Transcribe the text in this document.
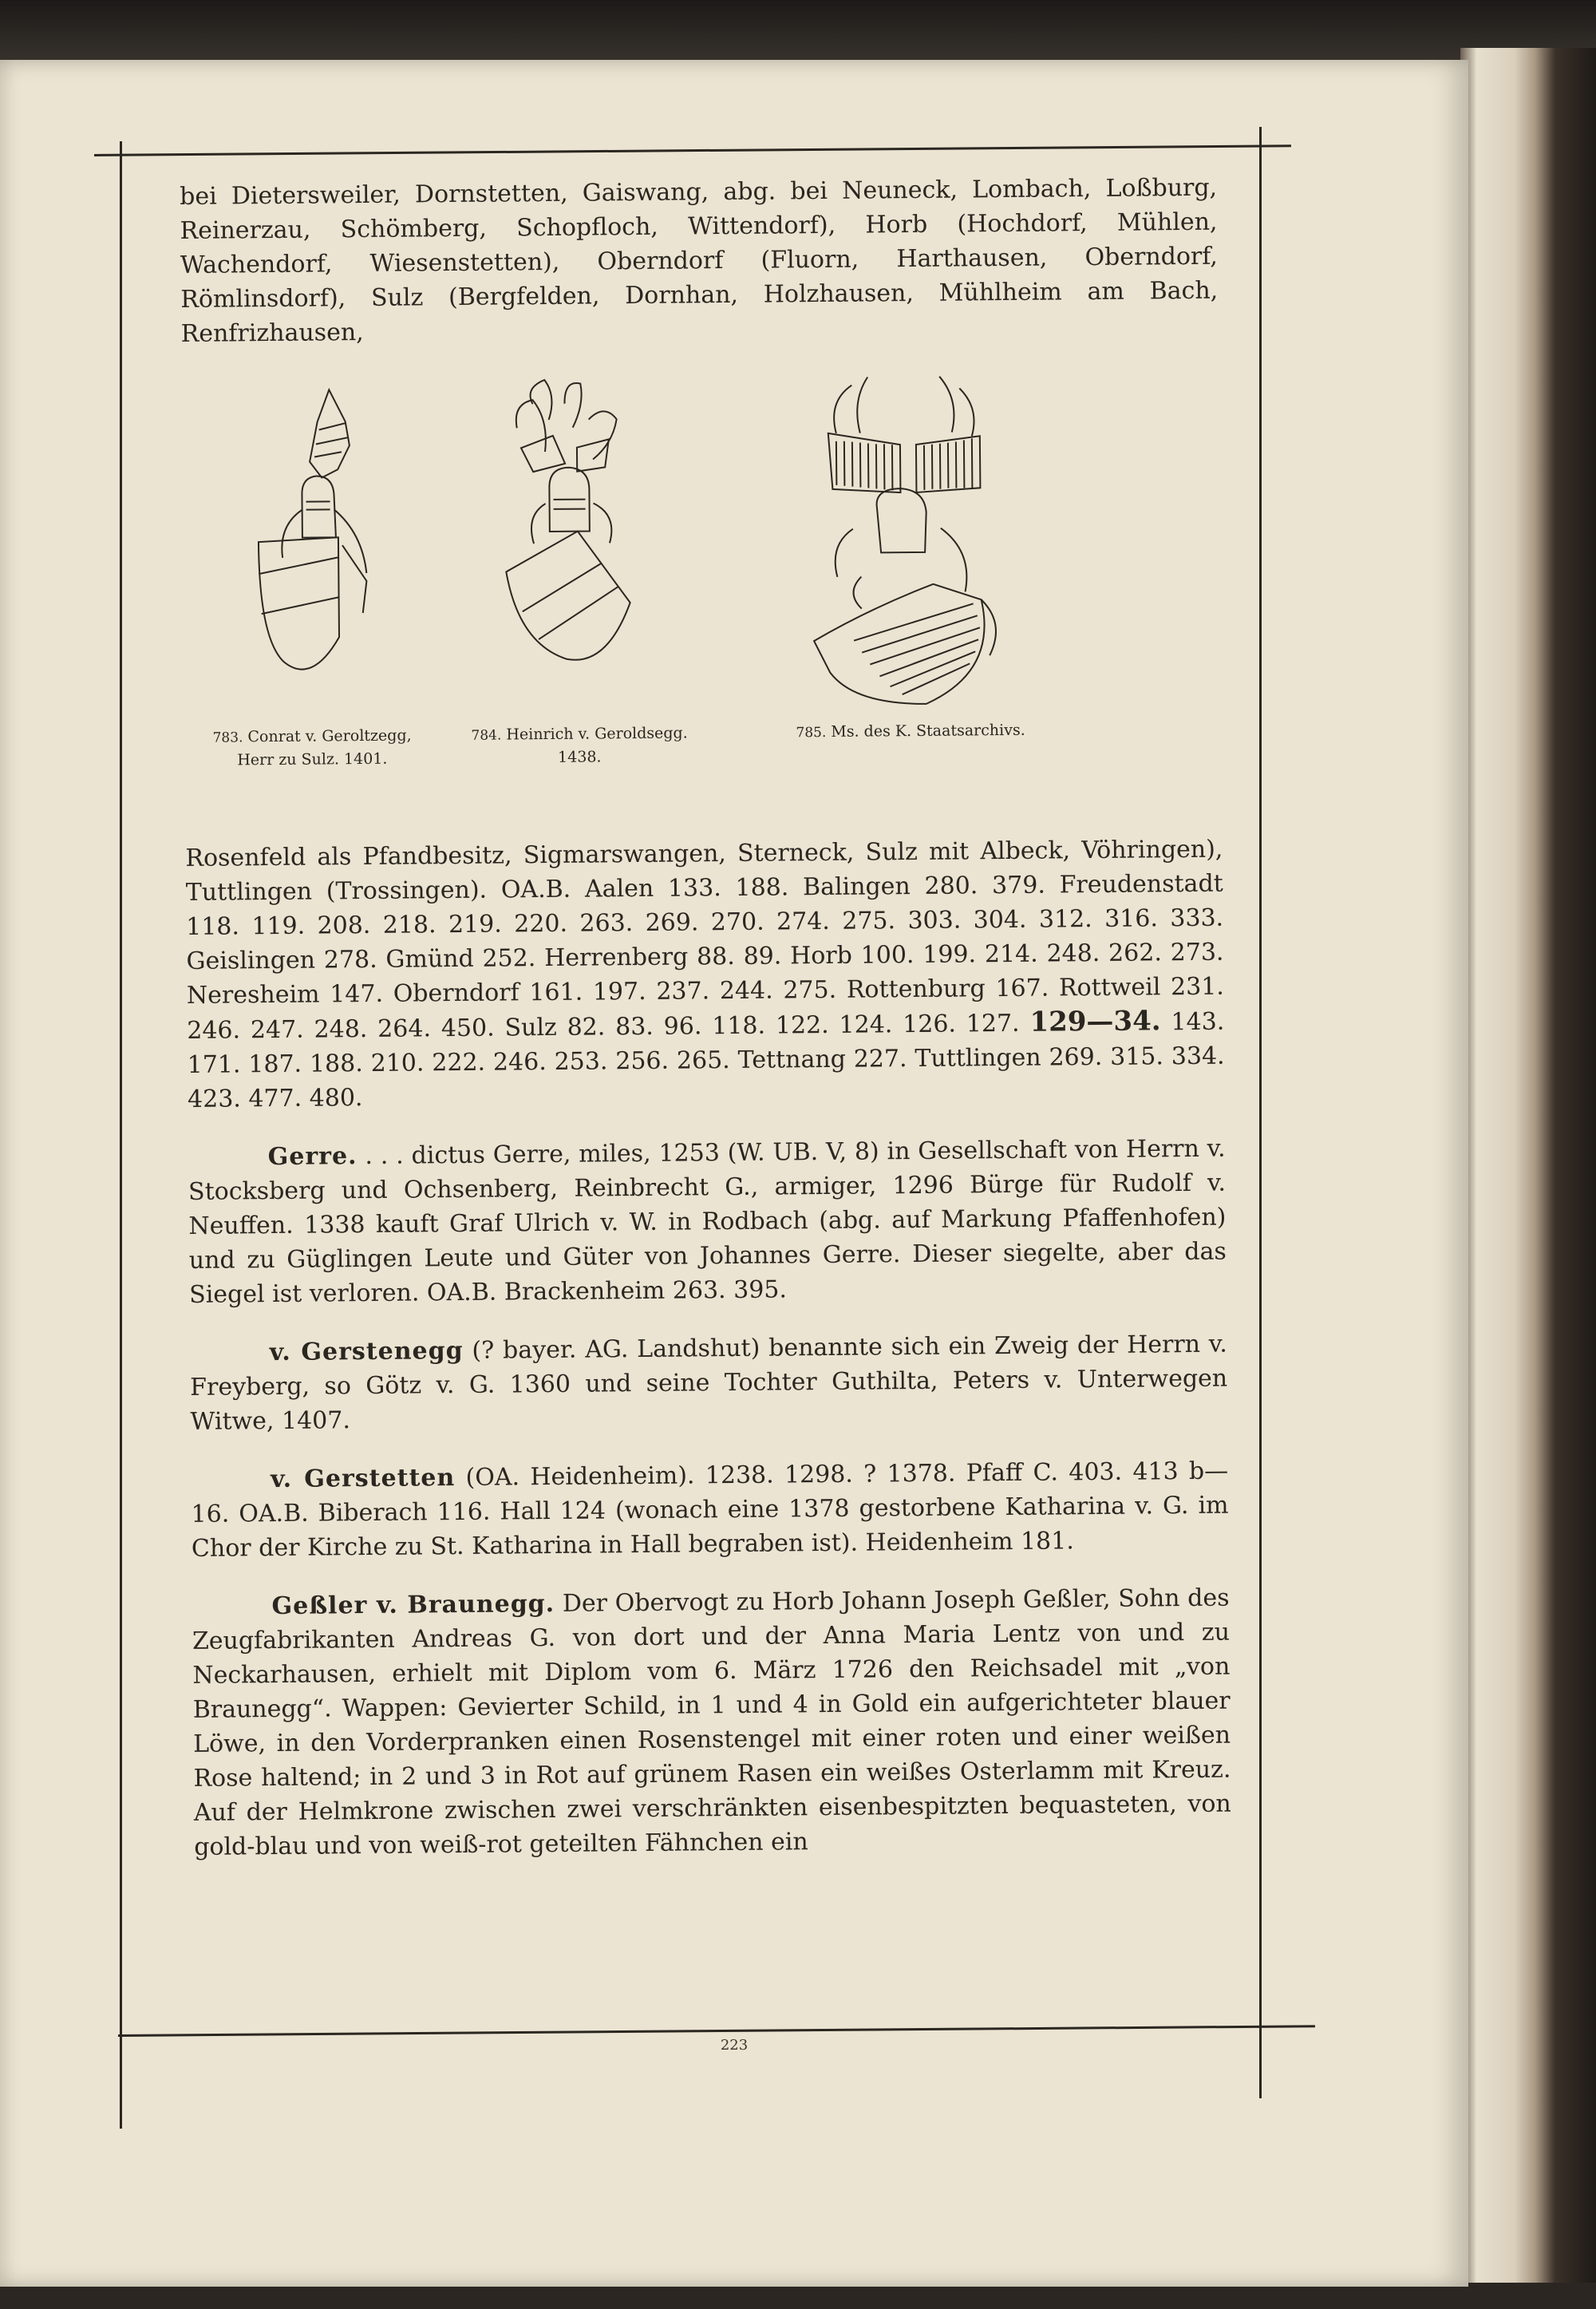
bei Dietersweiler, Dornstetten, Gaiswang, abg. bei Neuneck, Lombach, Loßburg, Reinerzau, Schömberg, Schopfloch, Wittendorf), Horb (Hochdorf, Mühlen, Wachendorf, Wiesenstetten), Oberndorf (Fluorn, Harthausen, Oberndorf, Römlinsdorf), Sulz (Bergfelden, Dornhan, Holzhausen, Mühlheim am Bach, Renfrizhausen,

783. Conrat v. Geroltzegg,
Herr zu Sulz. 1401.
784. Heinrich v. Geroldsegg.
1438.
785. Ms. des K. Staatsarchivs.

Rosenfeld als Pfandbesitz, Sigmarswangen, Sterneck, Sulz mit Albeck, Vöhringen), Tuttlingen (Trossingen). OA.B. Aalen 133. 188. Balingen 280. 379. Freudenstadt 118. 119. 208. 218. 219. 220. 263. 269. 270. 274. 275. 303. 304. 312. 316. 333. Geislingen 278. Gmünd 252. Herrenberg 88. 89. Horb 100. 199. 214. 248. 262. 273. Neresheim 147. Oberndorf 161. 197. 237. 244. 275. Rottenburg 167. Rottweil 231. 246. 247. 248. 264. 450. Sulz 82. 83. 96. 118. 122. 124. 126. 127. 129—34. 143. 171. 187. 188. 210. 222. 246. 253. 256. 265. Tettnang 227. Tuttlingen 269. 315. 334. 423. 477. 480.

Gerre. . . . dictus Gerre, miles, 1253 (W. UB. V, 8) in Gesellschaft von Herrn v. Stocksberg und Ochsenberg, Reinbrecht G., armiger, 1296 Bürge für Rudolf v. Neuffen. 1338 kauft Graf Ulrich v. W. in Rodbach (abg. auf Markung Pfaffenhofen) und zu Güglingen Leute und Güter von Johannes Gerre. Dieser siegelte, aber das Siegel ist verloren. OA.B. Brackenheim 263. 395.

v. Gerstenegg (? bayer. AG. Landshut) benannte sich ein Zweig der Herrn v. Freyberg, so Götz v. G. 1360 und seine Tochter Guthilta, Peters v. Unterwegen Witwe, 1407.

v. Gerstetten (OA. Heidenheim). 1238. 1298. ? 1378. Pfaff C. 403. 413 b—16. OA.B. Biberach 116. Hall 124 (wonach eine 1378 gestorbene Katharina v. G. im Chor der Kirche zu St. Katharina in Hall begraben ist). Heidenheim 181.

Geßler v. Braunegg. Der Obervogt zu Horb Johann Joseph Geßler, Sohn des Zeugfabrikanten Andreas G. von dort und der Anna Maria Lentz von und zu Neckarhausen, erhielt mit Diplom vom 6. März 1726 den Reichsadel mit „von Braunegg“. Wappen: Gevierter Schild, in 1 und 4 in Gold ein aufgerichteter blauer Löwe, in den Vorderpranken einen Rosenstengel mit einer roten und einer weißen Rose haltend; in 2 und 3 in Rot auf grünem Rasen ein weißes Osterlamm mit Kreuz. Auf der Helmkrone zwischen zwei verschränkten eisenbespitzten bequasteten, von gold-blau und von weiß-rot geteilten Fähnchen ein

223
